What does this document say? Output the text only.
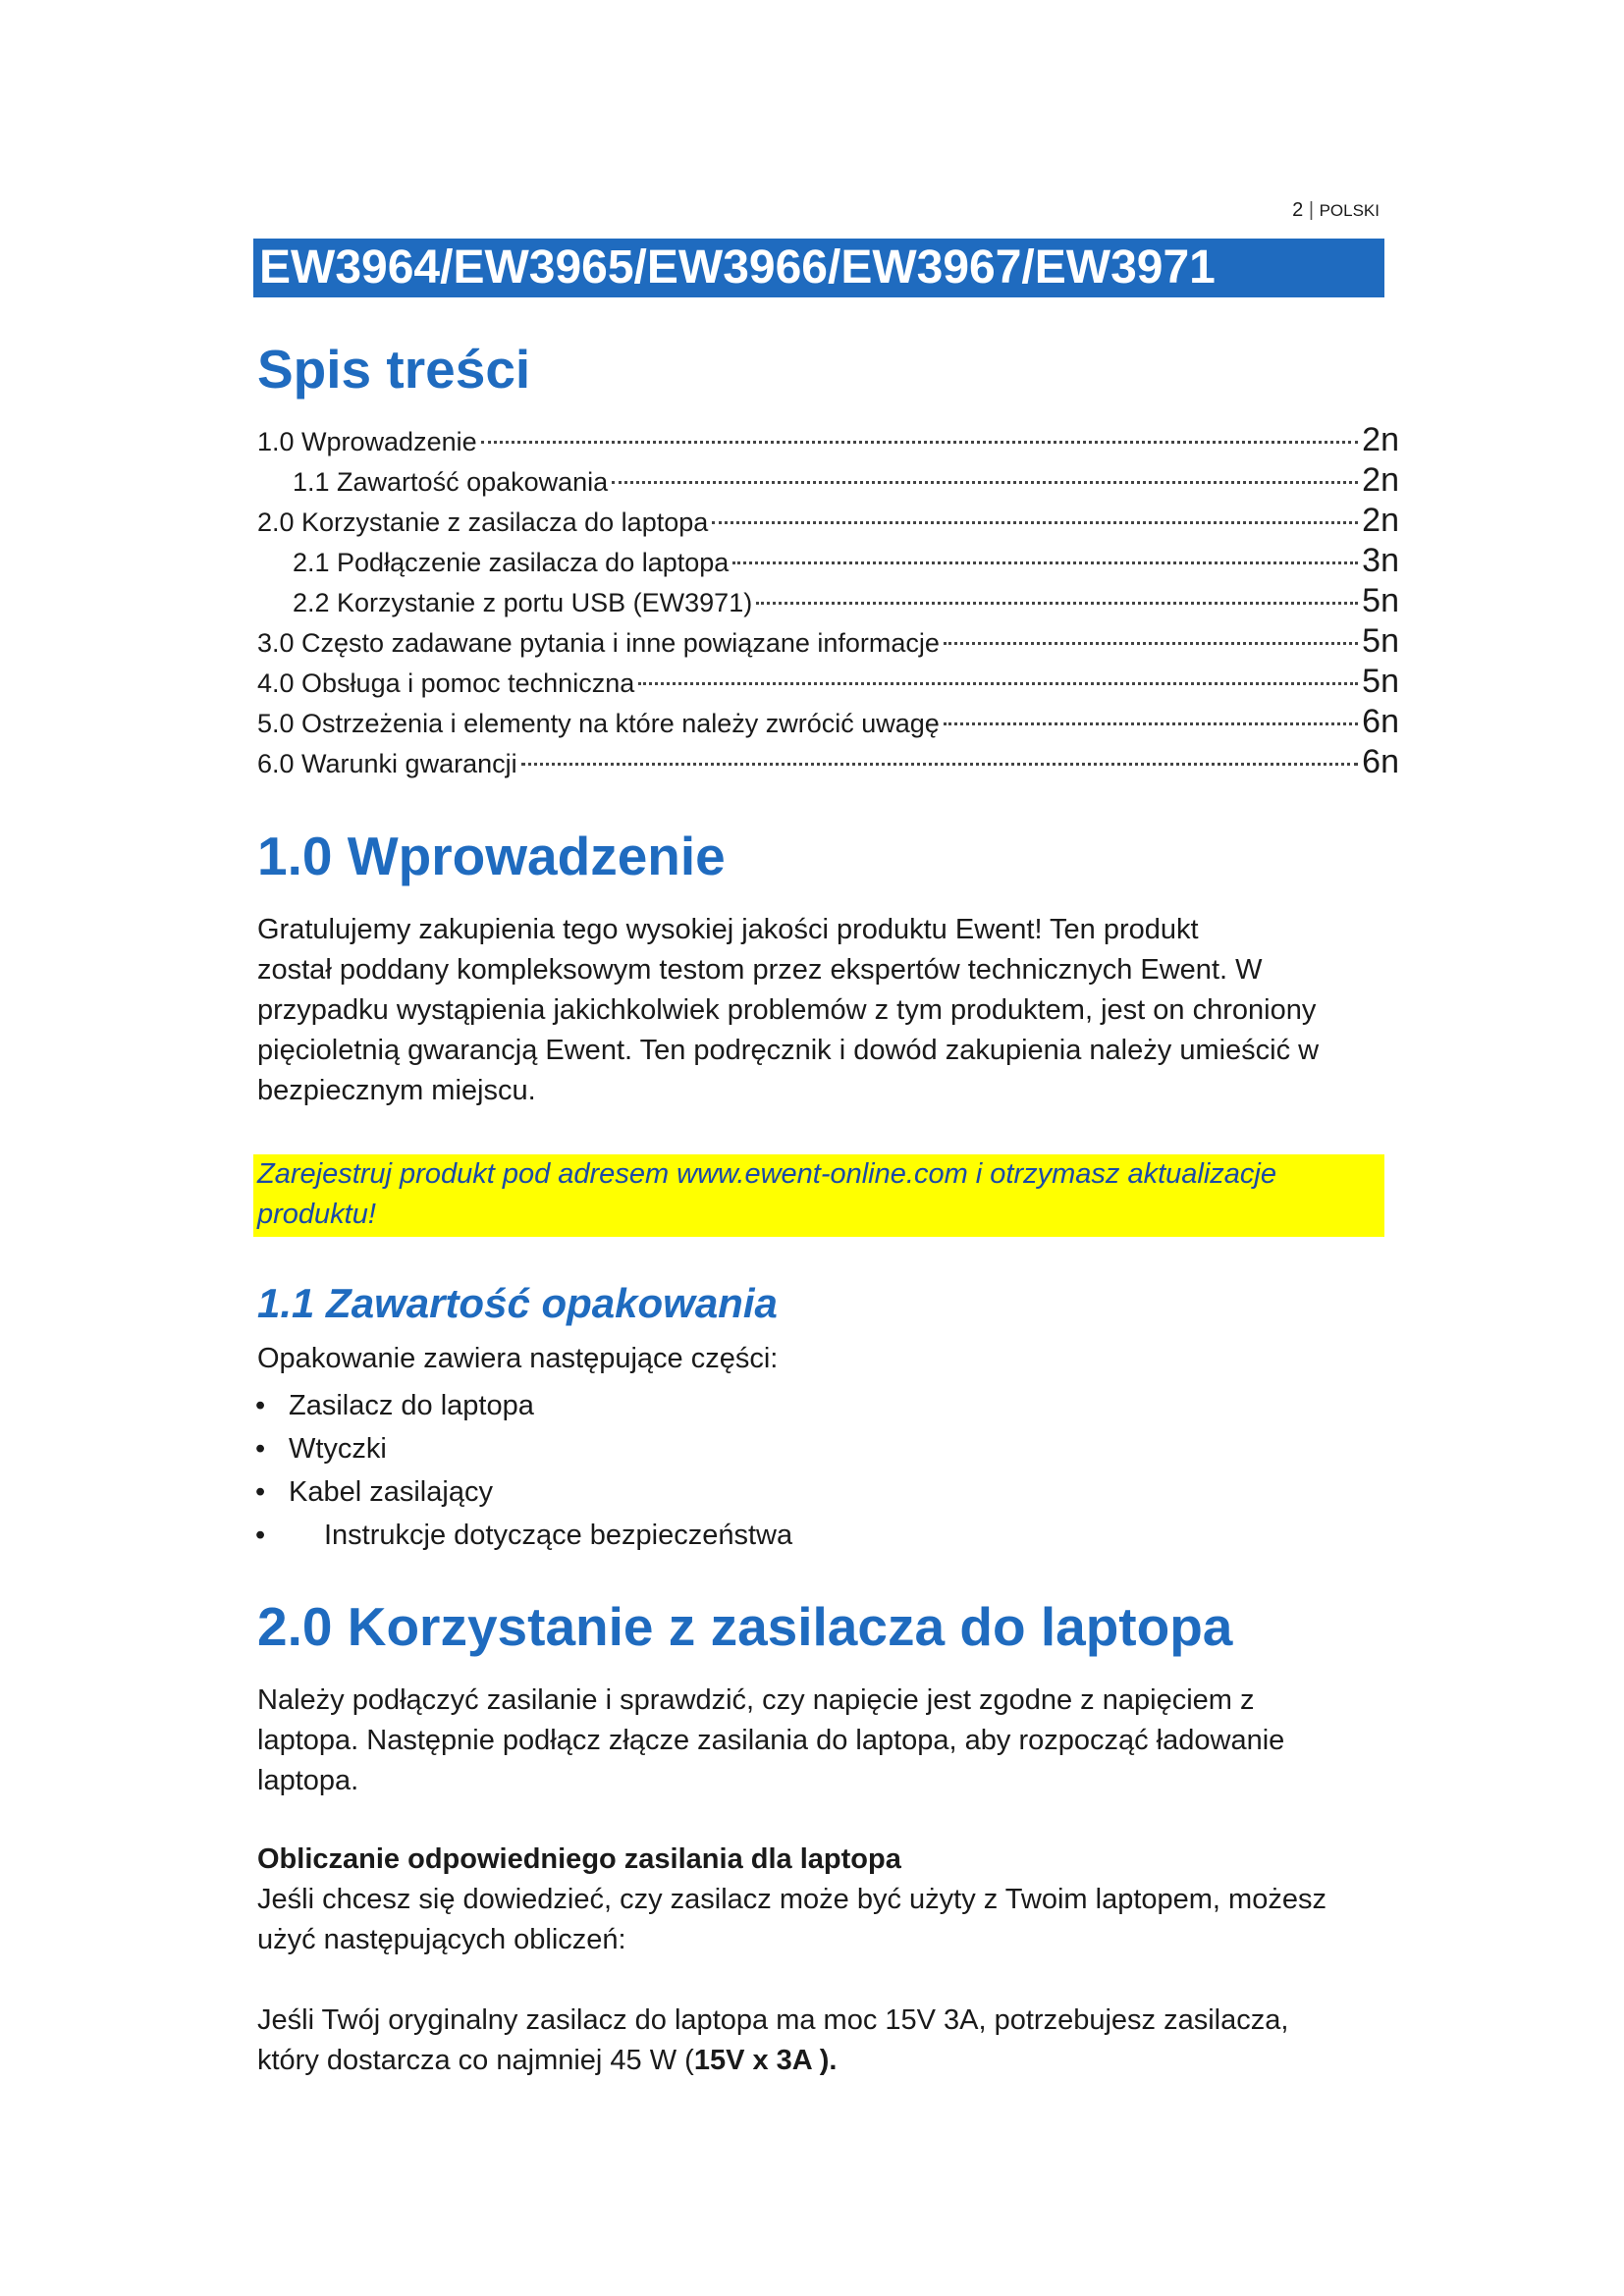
2 | POLSKI
EW3964/EW3965/EW3966/EW3967/EW3971
Spis treści
1.0 Wprowadzenie	2n
1.1 Zawartość opakowania	2n
2.0 Korzystanie z zasilacza do laptopa	2n
2.1 Podłączenie zasilacza do laptopa	3n
2.2 Korzystanie z portu USB (EW3971)	5n
3.0 Często zadawane pytania i inne powiązane informacje	5n
4.0 Obsługa i pomoc techniczna	5n
5.0 Ostrzeżenia i elementy na które należy zwrócić uwagę	6n
6.0 Warunki gwarancji	6n
1.0 Wprowadzenie

Gratulujemy zakupienia tego wysokiej jakości produktu Ewent! Ten produkt
został poddany kompleksowym testom przez ekspertów technicznych Ewent. W
przypadku wystąpienia jakichkolwiek problemów z tym produktem, jest on chroniony
pięcioletnią gwarancją Ewent. Ten podręcznik i dowód zakupienia należy umieścić w
bezpiecznym miejscu.

Zarejestruj produkt pod adresem www.ewent-online.com i otrzymasz aktualizacje
produktu!
1.1 Zawartość opakowania

Opakowanie zawiera następujące części:

• Zasilacz do laptopa
• Wtyczki
• Kabel zasilający
•	Instrukcje dotyczące bezpieczeństwa
2.0 Korzystanie z zasilacza do laptopa

Należy podłączyć zasilanie i sprawdzić, czy napięcie jest zgodne z napięciem z
laptopa. Następnie podłącz złącze zasilania do laptopa, aby rozpocząć ładowanie
laptopa.

Obliczanie odpowiedniego zasilania dla laptopa

Jeśli chcesz się dowiedzieć, czy zasilacz może być użyty z Twoim laptopem, możesz
użyć następujących obliczeń:

Jeśli Twój oryginalny zasilacz do laptopa ma moc 15V 3A, potrzebujesz zasilacza,
który dostarcza co najmniej 45 W (15V x 3A ).
